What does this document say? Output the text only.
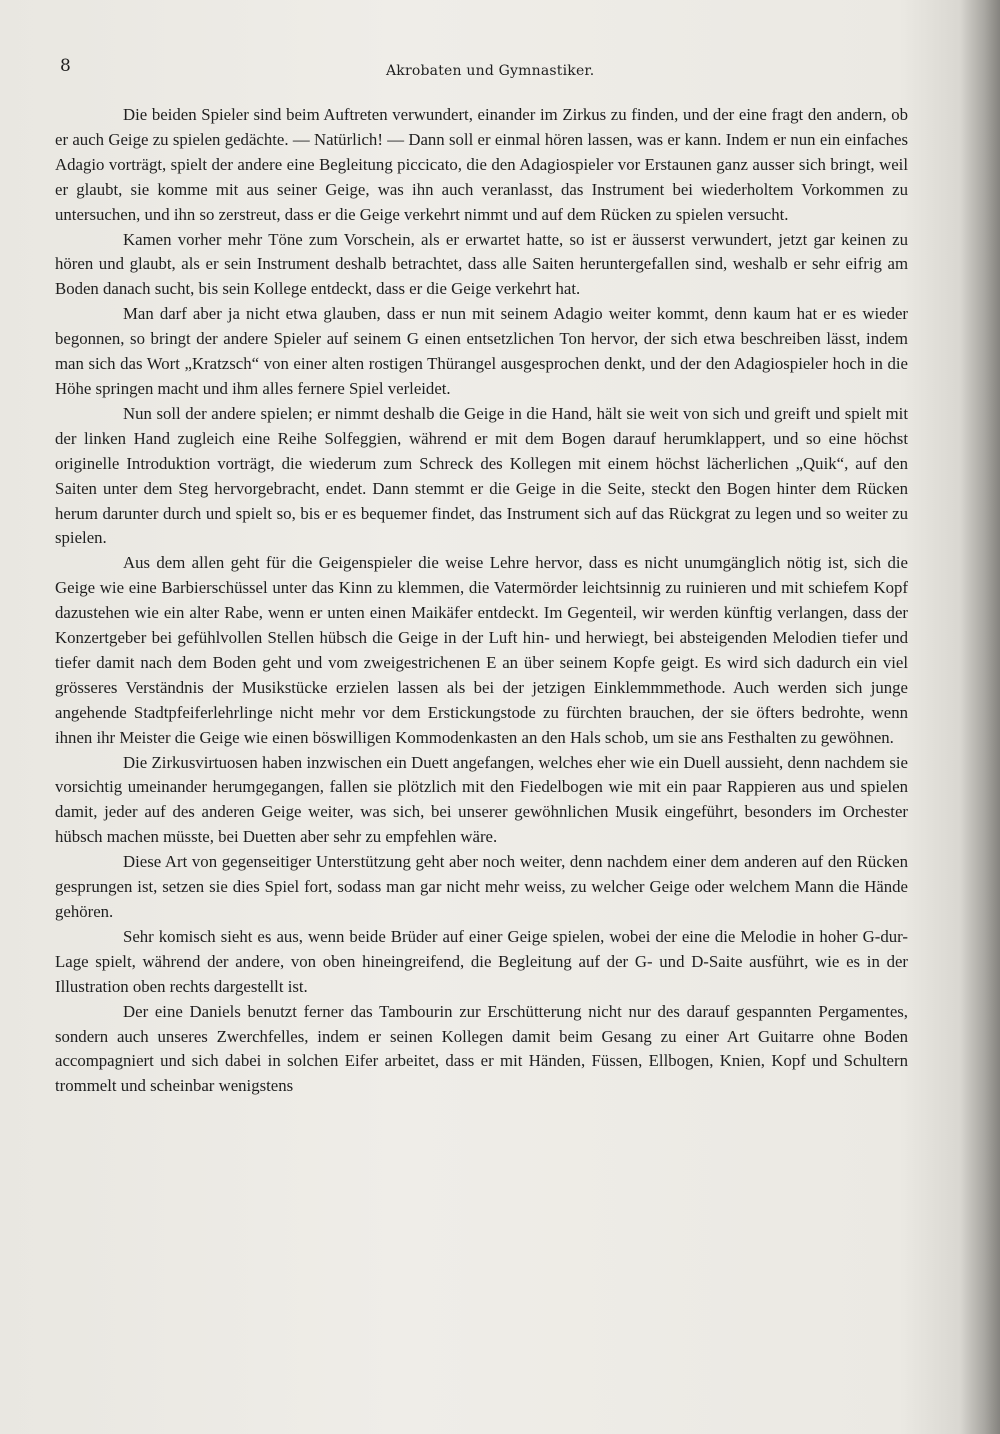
8	Akrobaten und Gymnastiker.

Die beiden Spieler sind beim Auftreten verwundert, einander im Zirkus zu finden, und der eine fragt den andern, ob er auch Geige zu spielen gedächte. — Natürlich! — Dann soll er einmal hören lassen, was er kann. Indem er nun ein einfaches Adagio vorträgt, spielt der andere eine Begleitung piccicato, die den Adagiospieler vor Erstaunen ganz ausser sich bringt, weil er glaubt, sie komme mit aus seiner Geige, was ihn auch veranlasst, das Instrument bei wiederholtem Vorkommen zu untersuchen, und ihn so zerstreut, dass er die Geige verkehrt nimmt und auf dem Rücken zu spielen versucht.

Kamen vorher mehr Töne zum Vorschein, als er erwartet hatte, so ist er äusserst verwundert, jetzt gar keinen zu hören und glaubt, als er sein Instrument deshalb betrachtet, dass alle Saiten heruntergefallen sind, weshalb er sehr eifrig am Boden danach sucht, bis sein Kollege entdeckt, dass er die Geige verkehrt hat.

Man darf aber ja nicht etwa glauben, dass er nun mit seinem Adagio weiter kommt, denn kaum hat er es wieder begonnen, so bringt der andere Spieler auf seinem G einen entsetzlichen Ton hervor, der sich etwa beschreiben lässt, indem man sich das Wort „Kratzsch“ von einer alten rostigen Thürangel ausgesprochen denkt, und der den Adagiospieler hoch in die Höhe springen macht und ihm alles fernere Spiel verleidet.

Nun soll der andere spielen; er nimmt deshalb die Geige in die Hand, hält sie weit von sich und greift und spielt mit der linken Hand zugleich eine Reihe Solfeggien, während er mit dem Bogen darauf herumklappert, und so eine höchst originelle Introduktion vorträgt, die wiederum zum Schreck des Kollegen mit einem höchst lächerlichen „Quik“, auf den Saiten unter dem Steg hervorgebracht, endet. Dann stemmt er die Geige in die Seite, steckt den Bogen hinter dem Rücken herum darunter durch und spielt so, bis er es bequemer findet, das Instrument sich auf das Rückgrat zu legen und so weiter zu spielen.

Aus dem allen geht für die Geigenspieler die weise Lehre hervor, dass es nicht unumgänglich nötig ist, sich die Geige wie eine Barbierschüssel unter das Kinn zu klemmen, die Vatermörder leichtsinnig zu ruinieren und mit schiefem Kopf dazustehen wie ein alter Rabe, wenn er unten einen Maikäfer entdeckt. Im Gegenteil, wir werden künftig verlangen, dass der Konzertgeber bei gefühlvollen Stellen hübsch die Geige in der Luft hin- und herwiegt, bei absteigenden Melodien tiefer und tiefer damit nach dem Boden geht und vom zweigestrichenen E an über seinem Kopfe geigt. Es wird sich dadurch ein viel grösseres Verständnis der Musikstücke erzielen lassen als bei der jetzigen Einklemmmethode. Auch werden sich junge angehende Stadtpfeiferlehrlinge nicht mehr vor dem Erstickungstode zu fürchten brauchen, der sie öfters bedrohte, wenn ihnen ihr Meister die Geige wie einen böswilligen Kommodenkasten an den Hals schob, um sie ans Festhalten zu gewöhnen.

Die Zirkusvirtuosen haben inzwischen ein Duett angefangen, welches eher wie ein Duell aussieht, denn nachdem sie vorsichtig umeinander herumgegangen, fallen sie plötzlich mit den Fiedelbogen wie mit ein paar Rappieren aus und spielen damit, jeder auf des anderen Geige weiter, was sich, bei unserer gewöhnlichen Musik eingeführt, besonders im Orchester hübsch machen müsste, bei Duetten aber sehr zu empfehlen wäre.

Diese Art von gegenseitiger Unterstützung geht aber noch weiter, denn nachdem einer dem anderen auf den Rücken gesprungen ist, setzen sie dies Spiel fort, sodass man gar nicht mehr weiss, zu welcher Geige oder welchem Mann die Hände gehören.

Sehr komisch sieht es aus, wenn beide Brüder auf einer Geige spielen, wobei der eine die Melodie in hoher G-dur-Lage spielt, während der andere, von oben hineingreifend, die Begleitung auf der G- und D-Saite ausführt, wie es in der Illustration oben rechts dargestellt ist.

Der eine Daniels benutzt ferner das Tambourin zur Erschütterung nicht nur des darauf gespannten Pergamentes, sondern auch unseres Zwerchfelles, indem er seinen Kollegen damit beim Gesang zu einer Art Guitarre ohne Boden accompagniert und sich dabei in solchen Eifer arbeitet, dass er mit Händen, Füssen, Ellbogen, Knien, Kopf und Schultern trommelt und scheinbar wenigstens
